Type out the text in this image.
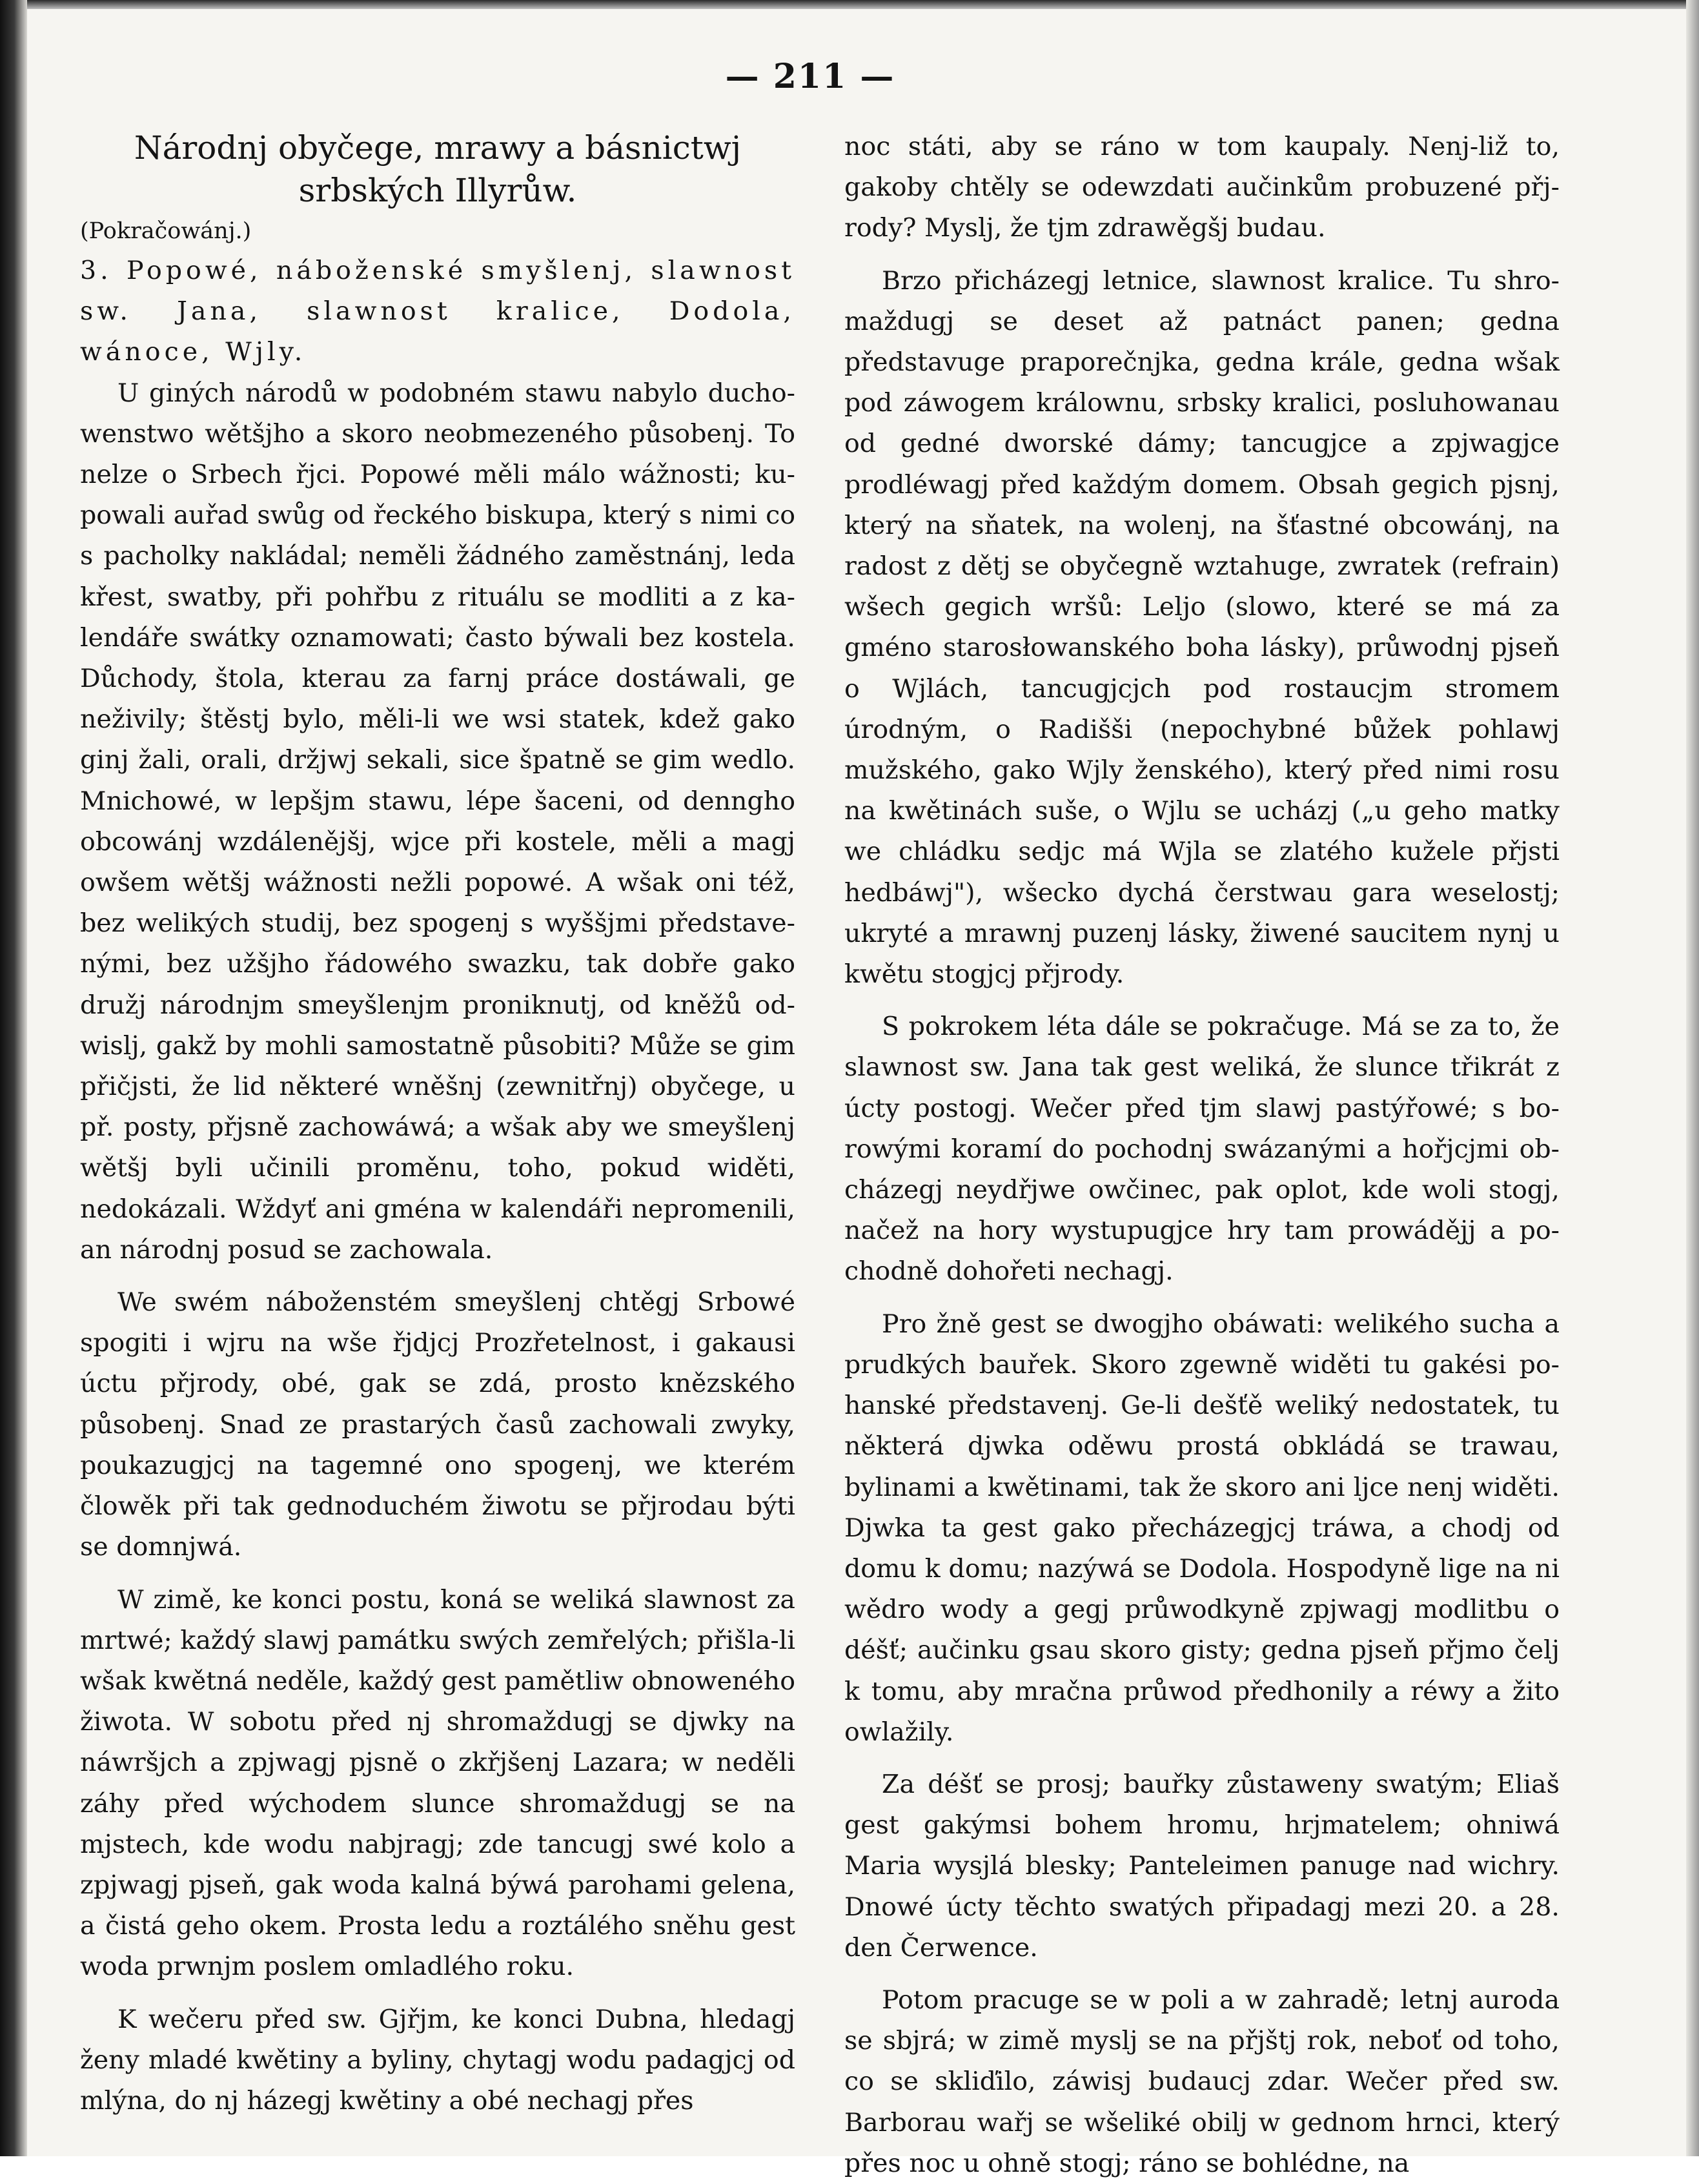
— 211 —
Národnj obyčege, mrawy a básnictwj srbských Illyrůw.

(Pokračowánj.)

3. Popowé, náboženské smyšlenj, slawnost sw. Jana, slawnost kralice, Dodola, wánoce, Wjly.

U giných národů w podobném stawu nabylo duchowenstwo wětšjho a skoro neobmezeného působenj. To nelze o Srbech řjci. Popowé měli málo wážnosti; kupowali auřad swůg od řeckého biskupa, který s nimi co s pacholky nakládal; neměli žádného zaměstnánj, leda křest, swatby, při pohřbu z rituálu se modliti a z kalendáře swátky oznamowati; často býwali bez kostela. Důchody, štola, kterau za farnj práce dostáwali, ge neživily; štěstj bylo, měli-li we wsi statek, kdež gako ginj žali, orali, držjwj sekali, sice špatně se gim wedlo. Mnichowé, w lepšjm stawu, lépe šaceni, od denngho obcowánj wzdálenějšj, wjce při kostele, měli a magj owšem wětšj wážnosti nežli popowé. A wšak oni též, bez welikých studij, bez spogenj s wyššjmi představenými, bez užšjho řádowého swazku, tak dobře gako družj národnjm smeyšlenjm proniknutj, od kněžů odwislj, gakž by mohli samostatně působiti? Může se gim přičjsti, že lid některé wněšnj (zewnitřnj) obyčege, u př. posty, přjsně zachowáwá; a wšak aby we smeyšlenj wětšj byli učinili proměnu, toho, pokud widěti, nedokázali. Wždyť ani gména w kalendáři nepromenili, an národnj posud se zachowala.

We swém náboženstém smeyšlenj chtěgj Srbowé spogiti i wjru na wše řjdjcj Prozřetelnost, i gakausi úctu přjrody, obé, gak se zdá, prosto knězského působenj. Snad ze prastarých časů zachowali zwyky, poukazugjcj na tagemné ono spogenj, we kterém člowěk při tak gednoduchém žiwotu se přjrodau býti se domnjwá.

W zimě, ke konci postu, koná se weliká slawnost za mrtwé; každý slawj památku swých zemřelých; přišla-li wšak kwětná neděle, každý gest pamětliw obnoweného žiwota. W sobotu před nj shromaždugj se djwky na náwršjch a zpjwagj pjsně o zkřjšenj Lazara; w neděli záhy před wýchodem slunce shromaždugj se na mjstech, kde wodu nabjragj; zde tancugj swé kolo a zpjwagj pjseň, gak woda kalná býwá parohami gelena, a čistá geho okem. Prosta ledu a roztálého sněhu gest woda prwnjm poslem omladlého roku.

K wečeru před sw. Gjřjm, ke konci Dubna, hledagj ženy mladé kwětiny a byliny, chytagj wodu padagjcj od mlýna, do nj házegj kwětiny a obé nechagj přes

noc státi, aby se ráno w tom kaupaly. Nenj-liž to, gakoby chtěly se odewzdati aučinkům probuzené přjrody? Myslj, že tjm zdrawěgšj budau.

Brzo přicházegj letnice, slawnost kralice. Tu shromaždugj se deset až patnáct panen; gedna představuge praporečnjka, gedna krále, gedna wšak pod záwogem králownu, srbsky kralici, posluhowanau od gedné dworské dámy; tancugjce a zpjwagjce prodléwagj před každým domem. Obsah gegich pjsnj, který na sňatek, na wolenj, na šťastné obcowánj, na radost z dětj se obyčegně wztahuge, zwratek (refrain) wšech gegich wršů: Leljo (slowo, které se má za gméno starosłowanského boha lásky), průwodnj pjseň o Wjlách, tancugjcjch pod rostaucjm stromem úrodným, o Radišši (nepochybné bůžek pohlawj mužského, gako Wjly ženského), který před nimi rosu na kwětinách suše, o Wjlu se ucházj („u geho matky we chládku sedjc má Wjla se zlatého kužele přjsti hedbáwj"), wšecko dychá čerstwau gara weselostj; ukryté a mrawnj puzenj lásky, žiwené saucitem nynj u kwětu stogjcj přjrody.

S pokrokem léta dále se pokračuge. Má se za to, že slawnost sw. Jana tak gest weliká, že slunce třikrát z úcty postogj. Wečer před tjm slawj pastýřowé; s borowými koramí do pochodnj swázanými a hořjcjmi obcházegj neydřjwe owčinec, pak oplot, kde woli stogj, načež na hory wystupugjce hry tam prowádějj a pochodně dohořeti nechagj.

Pro žně gest se dwogjho obáwati: welikého sucha a prudkých bauřek. Skoro zgewně widěti tu gakési pohanské představenj. Ge-li dešťě weliký nedostatek, tu některá djwka oděwu prostá obkládá se trawau, bylinami a kwětinami, tak že skoro ani ljce nenj widěti. Djwka ta gest gako přecházegjcj tráwa, a chodj od domu k domu; nazýwá se Dodola. Hospodyně lige na ni wědro wody a gegj průwodkyně zpjwagj modlitbu o déšť; aučinku gsau skoro gisty; gedna pjseň přjmo čelj k tomu, aby mračna průwod předhonily a réwy a žito owlažily.

Za déšť se prosj; bauřky zůstaweny swatým; Eliaš gest gakýmsi bohem hromu, hrjmatelem; ohniwá Maria wysjlá blesky; Panteleimen panuge nad wichry. Dnowé úcty těchto swatých připadagj mezi 20. a 28. den Čerwence.

Potom pracuge se w poli a w zahradě; letnj auroda se sbjrá; w zimě myslj se na přjštj rok, neboť od toho, co se skliďilo, záwisj budaucj zdar. Wečer před sw. Barborau wařj se wšeliké obilj w gednom hrnci, který přes noc u ohně stogj; ráno se bohlédne, na
